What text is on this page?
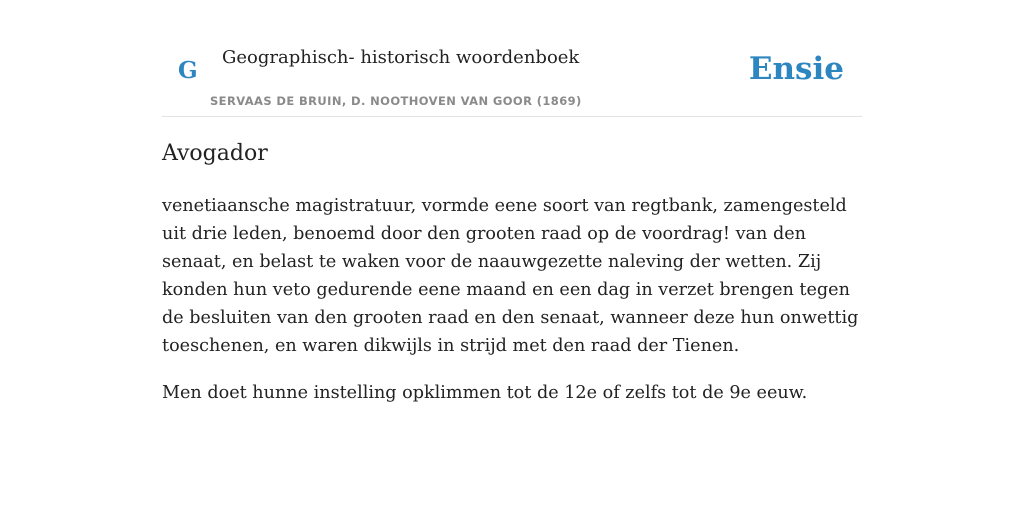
G Geographisch- historisch woordenboek
SERVAAS DE BRUIN, D. NOOTHOVEN VAN GOOR (1869)
Ensie
Avogador

venetiaansche magistratuur, vormde eene soort van regtbank, zamengesteld uit drie leden, benoemd door den grooten raad op de voordrag! van den senaat, en belast te waken voor de naauwgezette naleving der wetten. Zij konden hun veto gedurende eene maand en een dag in verzet brengen tegen de besluiten van den grooten raad en den senaat, wanneer deze hun onwettig toeschenen, en waren dikwijls in strijd met den raad der Tienen.

Men doet hunne instelling opklimmen tot de 12e of zelfs tot de 9e eeuw.
